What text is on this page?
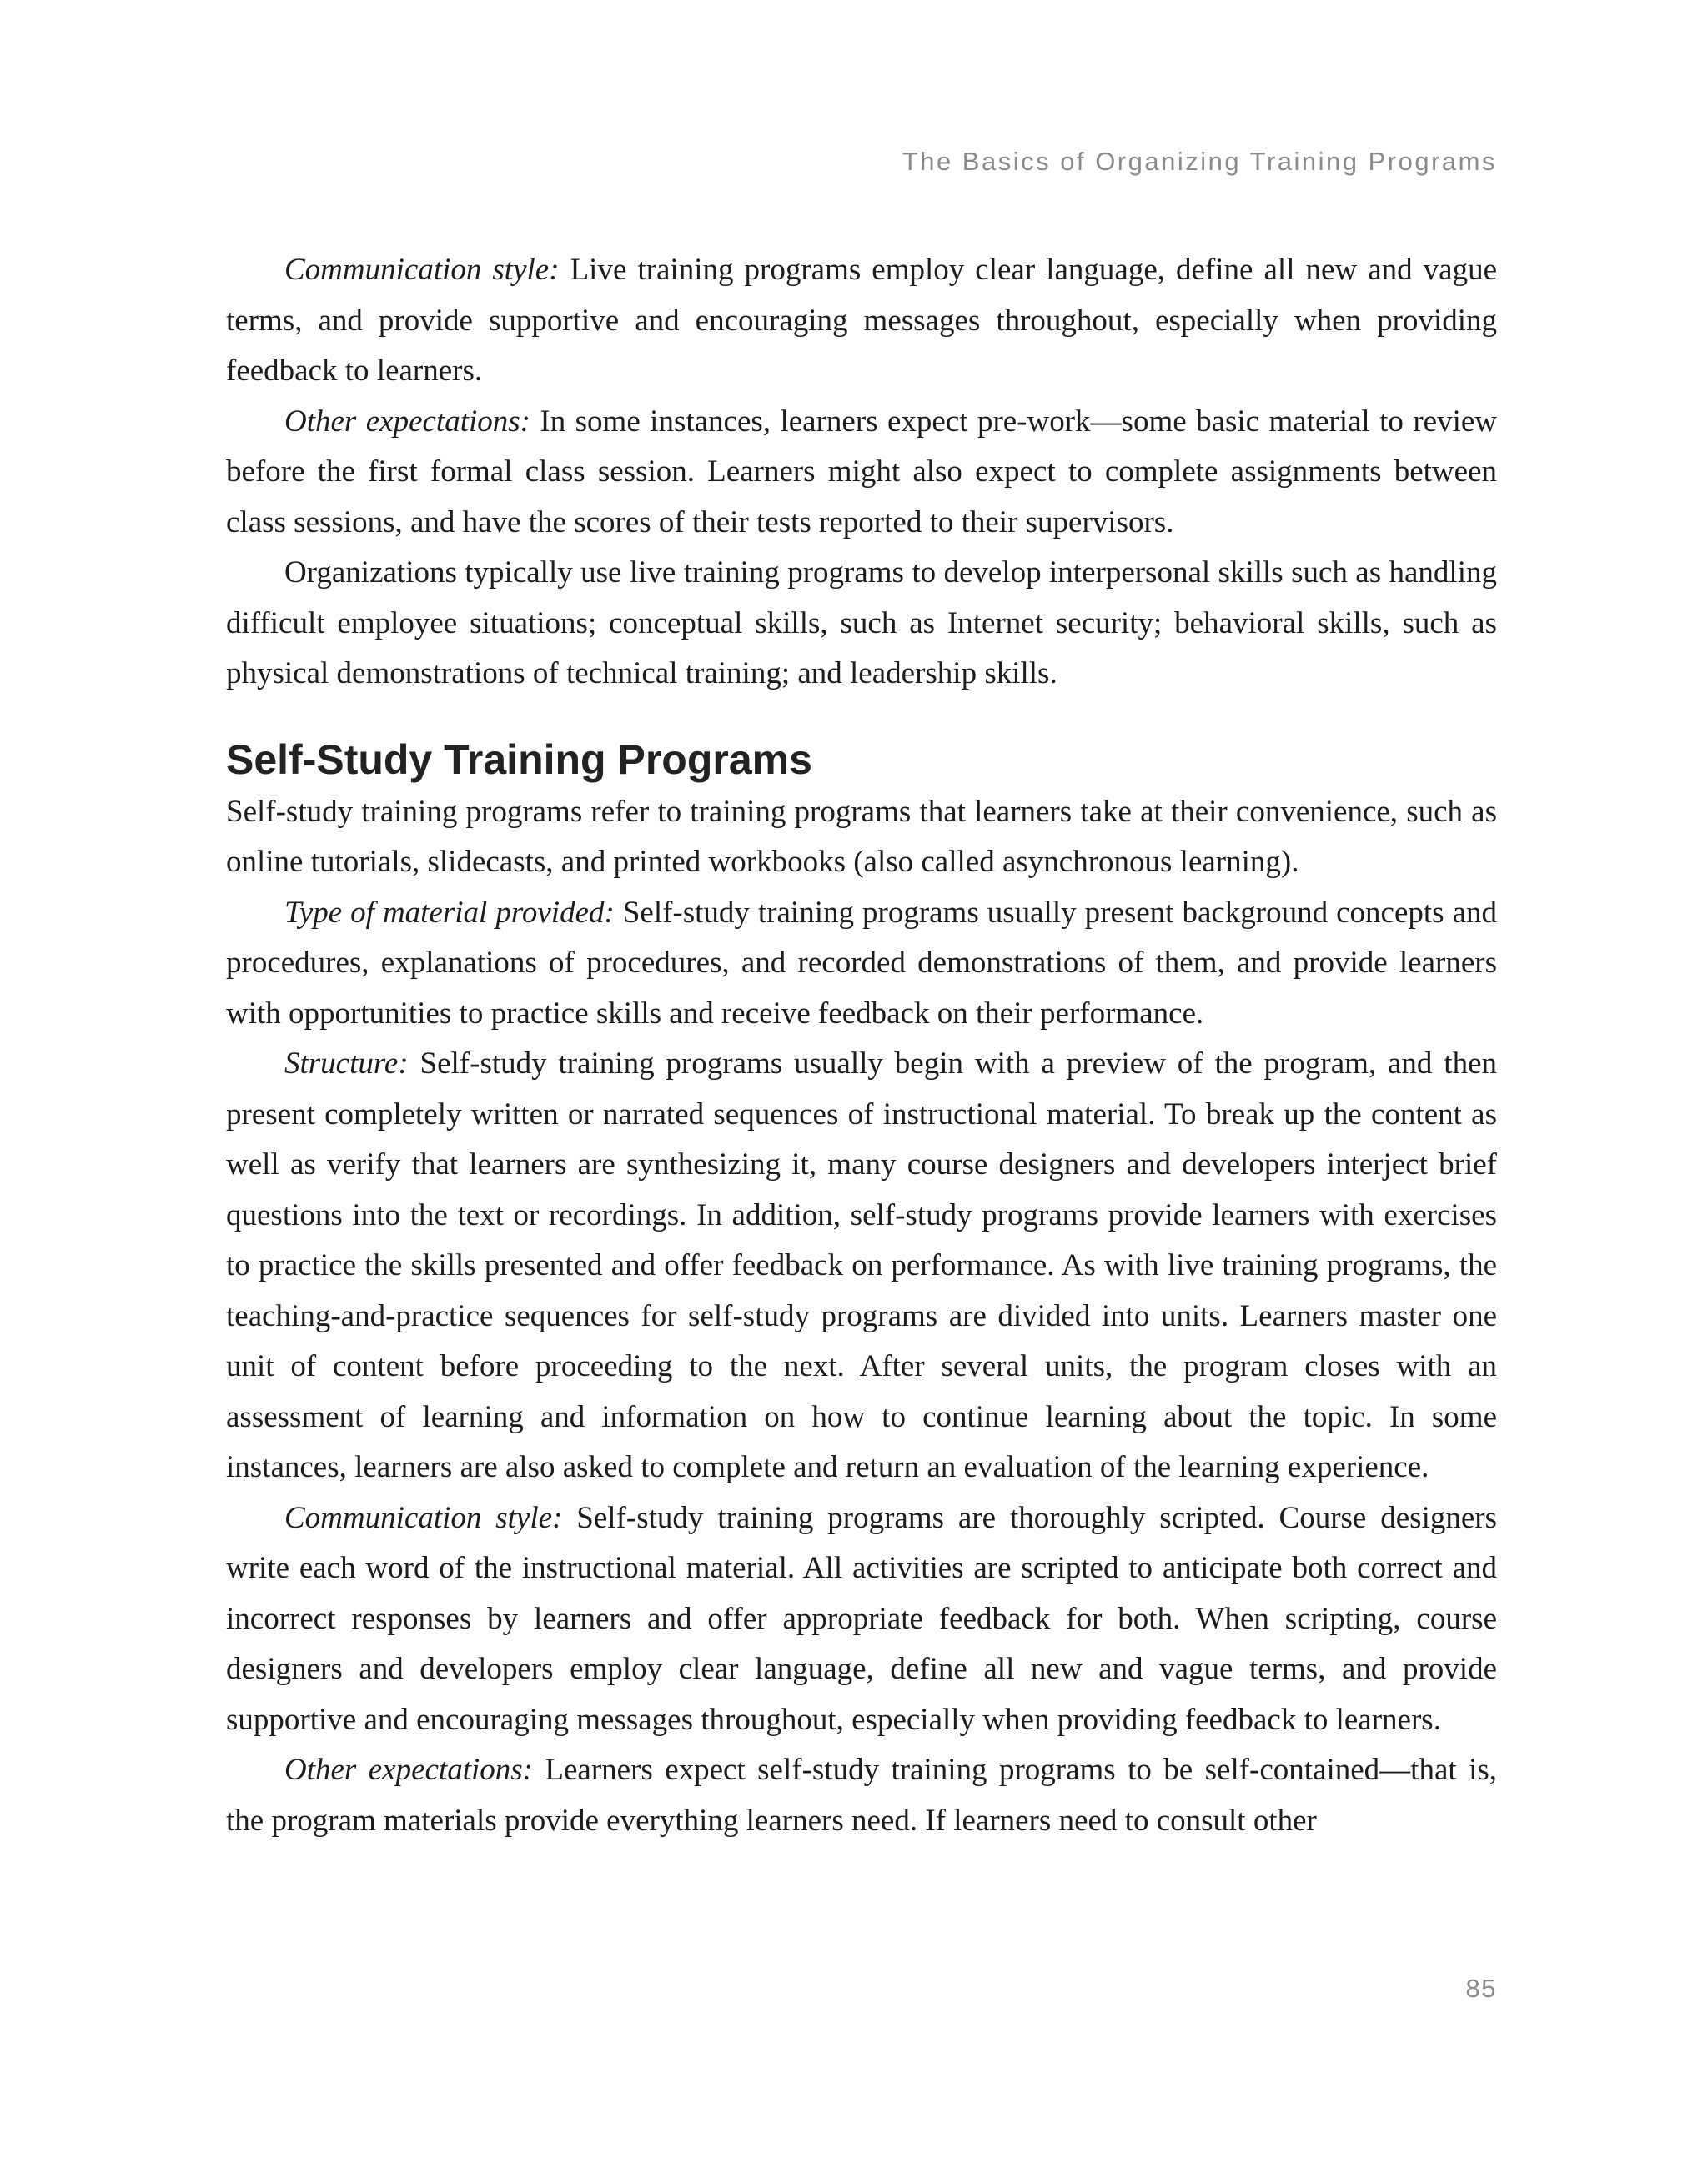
The Basics of Organizing Training Programs

Communication style: Live training programs employ clear language, define all new and vague terms, and provide supportive and encouraging messages throughout, especially when providing feedback to learners.

Other expectations: In some instances, learners expect pre-work—some basic material to review before the first formal class session. Learners might also expect to complete assignments between class sessions, and have the scores of their tests reported to their supervisors.

Organizations typically use live training programs to develop interpersonal skills such as handling difficult employee situations; conceptual skills, such as Internet security; behavioral skills, such as physical demonstrations of technical training; and leadership skills.

Self-Study Training Programs

Self-study training programs refer to training programs that learners take at their convenience, such as online tutorials, slidecasts, and printed workbooks (also called asynchronous learning).

Type of material provided: Self-study training programs usually present background concepts and procedures, explanations of procedures, and recorded demonstrations of them, and provide learners with opportunities to practice skills and receive feedback on their performance.

Structure: Self-study training programs usually begin with a preview of the program, and then present completely written or narrated sequences of instructional material. To break up the content as well as verify that learners are synthesizing it, many course designers and developers interject brief questions into the text or recordings. In addition, self-study programs provide learners with exercises to practice the skills presented and offer feedback on performance. As with live training programs, the teaching-and-practice sequences for self-study programs are divided into units. Learners master one unit of content before proceeding to the next. After several units, the program closes with an assessment of learning and information on how to continue learning about the topic. In some instances, learners are also asked to complete and return an evaluation of the learning experience.

Communication style: Self-study training programs are thoroughly scripted. Course designers write each word of the instructional material. All activities are scripted to anticipate both correct and incorrect responses by learners and offer appropriate feedback for both. When scripting, course designers and developers employ clear language, define all new and vague terms, and provide supportive and encouraging messages throughout, especially when providing feedback to learners.

Other expectations: Learners expect self-study training programs to be self-contained—that is, the program materials provide everything learners need. If learners need to consult other

85
